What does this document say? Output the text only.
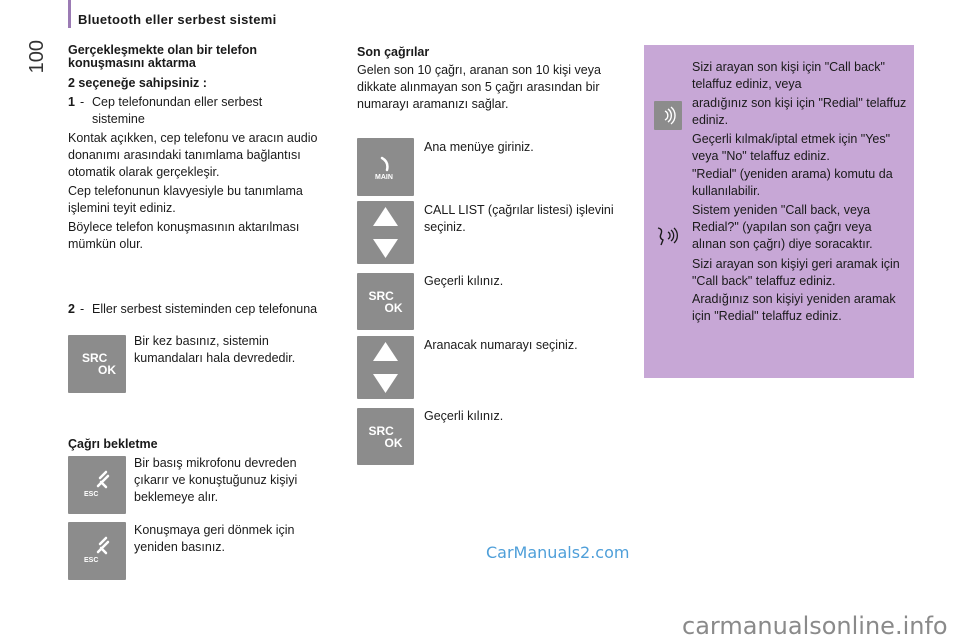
Bluetooth eller serbest sistemi
100 Gerçekleşmekte olan bir telefon konuşmasını aktarma
2 seçeneğe sahipsiniz :
1 - Cep telefonundan eller serbest sistemine
Kontak açıkken, cep telefonu ve aracın audio donanımı arasındaki tanımlama bağlantısı otomatik olarak gerçekleşir.
Cep telefonunun klavyesiyle bu tanımlama işlemini teyit ediniz.
Böylece telefon konuşmasının aktarılması mümkün olur.
2 - Eller serbest sisteminden cep telefonuna
SRC
OK
Bir kez basınız, sistemin kumandaları hala devrededir.
Çağrı bekletme
ESC
Bir basış mikrofonu devreden çıkarır ve konuştuğunuz kişiyi beklemeye alır.
ESC
Konuşmaya geri dönmek için yeniden basınız.
Son çağrılar
Gelen son 10 çağrı, aranan son 10 kişi veya dikkate alınmayan son 5 çağrı arasından bir numarayı aramanızı sağlar.
MAIN
Ana menüye giriniz.
CALL LIST (çağrılar listesi) işlevini seçiniz.
SRC
OK
Geçerli kılınız.
Aranacak numarayı seçiniz.
SRC
OK
Geçerli kılınız.
Sizi arayan son kişi için "Call back" telaffuz ediniz, veya
aradığınız son kişi için "Redial" telaffuz ediniz.
Geçerli kılmak/iptal etmek için "Yes" veya "No" telaffuz ediniz.
"Redial" (yeniden arama) komutu da kullanılabilir.
Sistem yeniden "Call back, veya Redial?" (yapılan son çağrı veya alınan son çağrı) diye soracaktır.
Sizi arayan son kişiyi geri aramak için "Call back" telaffuz ediniz.
Aradığınız son kişiyi yeniden aramak için "Redial" telaffuz ediniz.
CarManuals2.com
carmanualsonline.info
